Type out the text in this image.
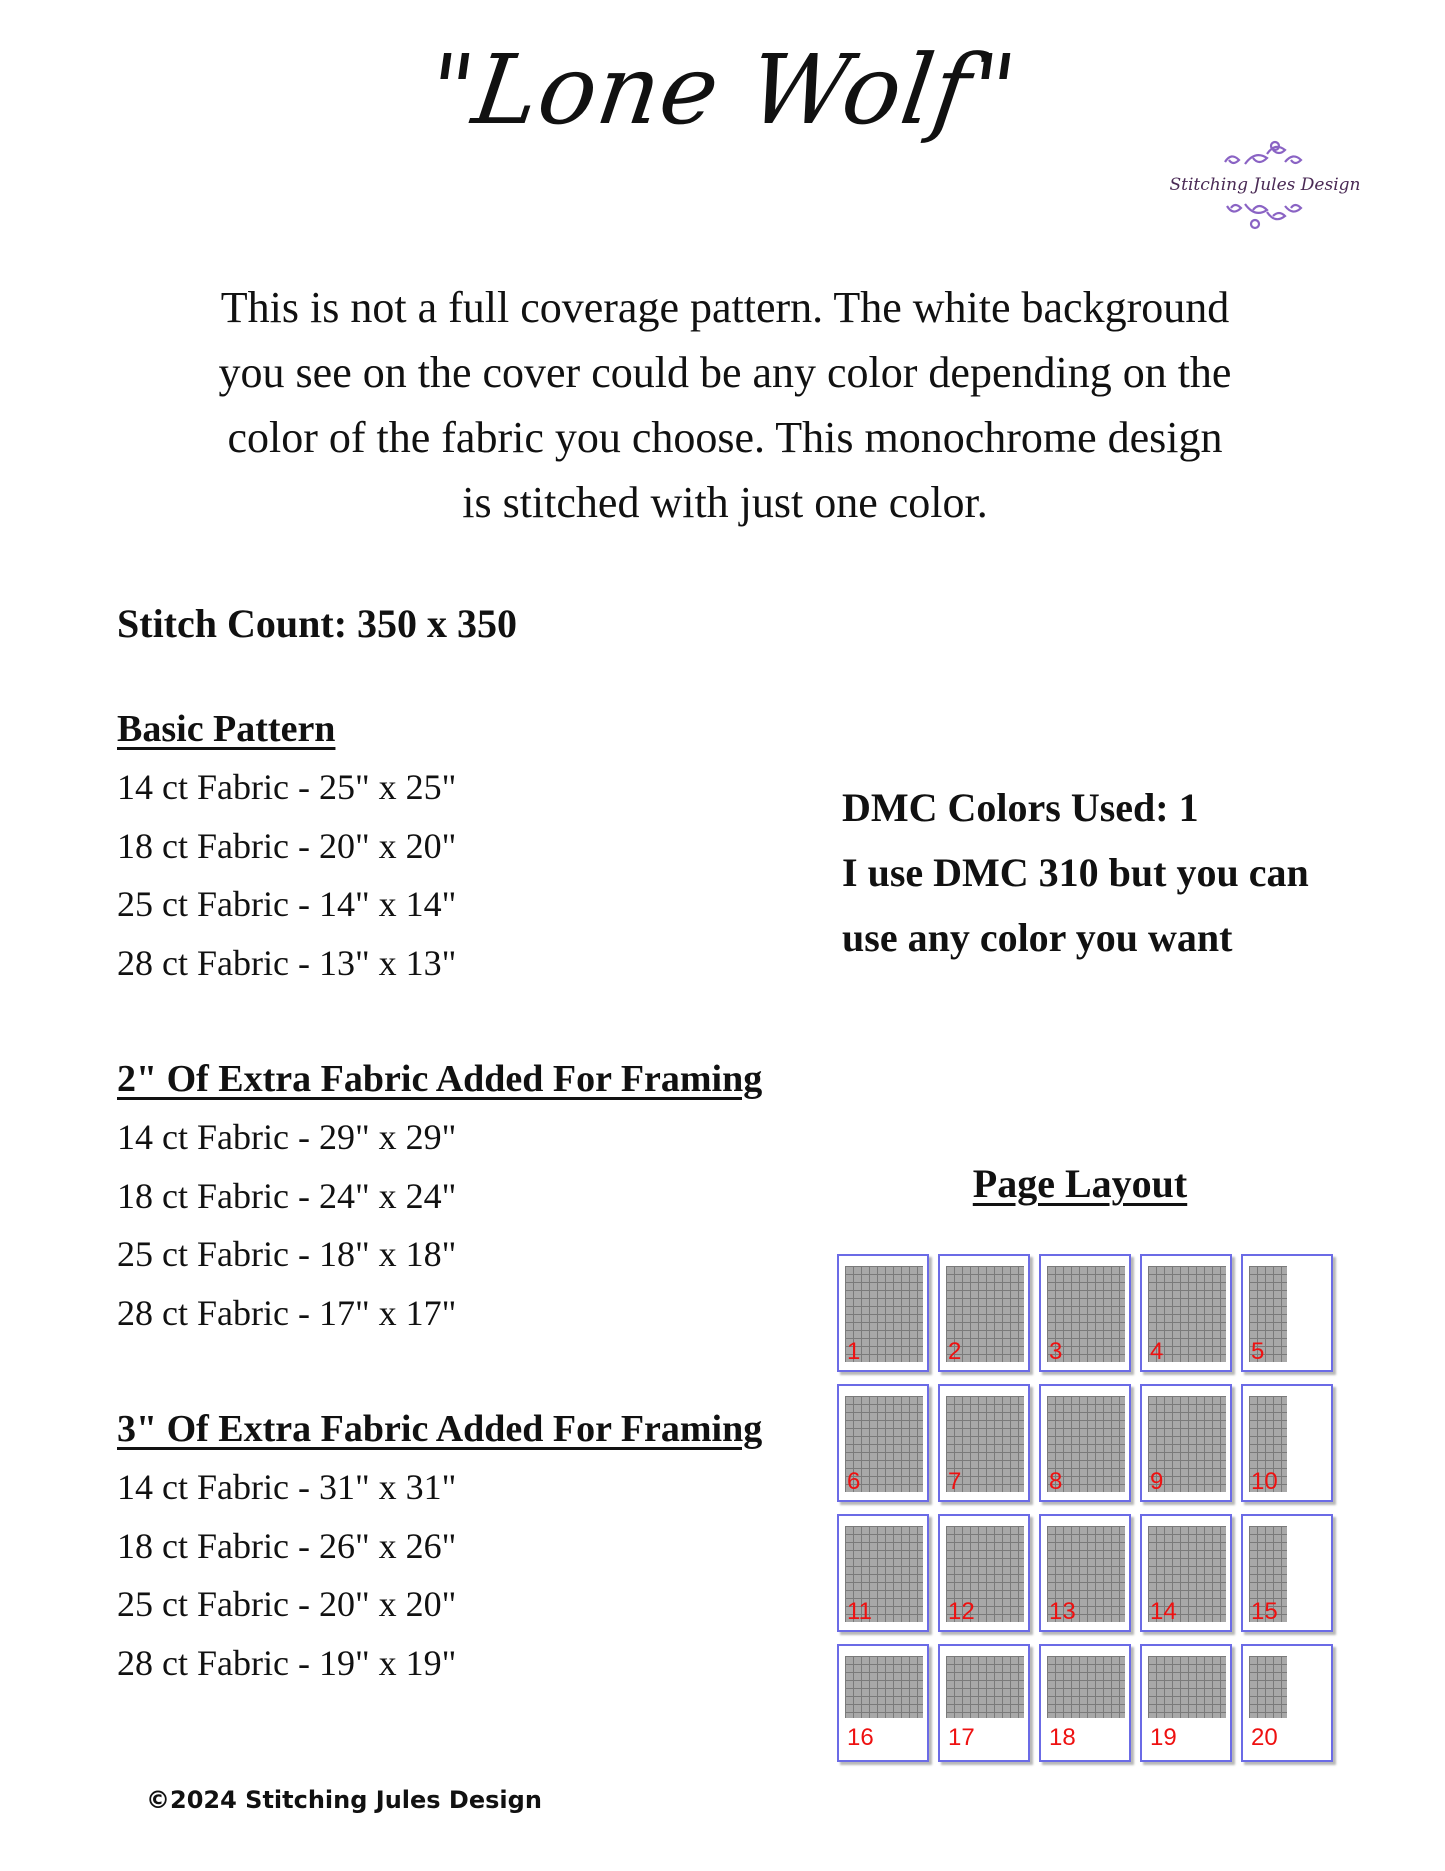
"Lone Wolf"
Stitching Jules Design
This is not a full coverage pattern. The white background
you see on the cover could be any color depending on the
color of the fabric you choose. This monochrome design
is stitched with just one color.
Stitch Count: 350 x 350
Basic Pattern
14 ct Fabric - 25" x 25"
18 ct Fabric - 20" x 20"
25 ct Fabric - 14" x 14"
28 ct Fabric - 13" x 13"
2" Of Extra Fabric Added For Framing
14 ct Fabric - 29" x 29"
18 ct Fabric - 24" x 24"
25 ct Fabric - 18" x 18"
28 ct Fabric - 17" x 17"
3" Of Extra Fabric Added For Framing
14 ct Fabric - 31" x 31"
18 ct Fabric - 26" x 26"
25 ct Fabric - 20" x 20"
28 ct Fabric - 19" x 19"
DMC Colors Used: 1
I use DMC 310 but you can
use any color you want
Page Layout
1	2	3	4	5
6	7	8	9	10
11	12	13	14	15
16	17	18	19	20
©2024 Stitching Jules Design
